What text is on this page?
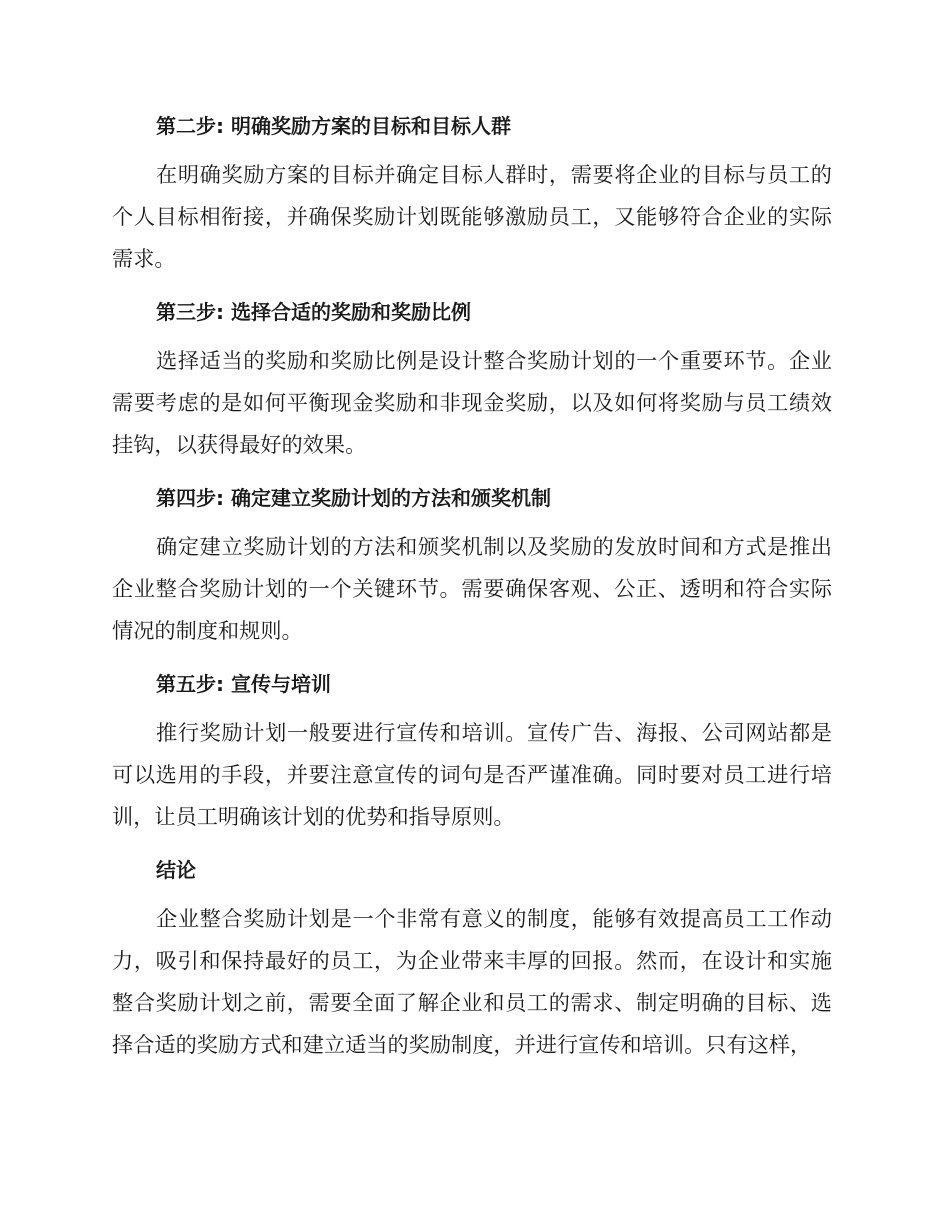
第二步: 明确奖励方案的目标和目标人群

在明确奖励方案的目标并确定目标人群时，需要将企业的目标与员工的个人目标相衔接，并确保奖励计划既能够激励员工，又能够符合企业的实际需求。

第三步: 选择合适的奖励和奖励比例

选择适当的奖励和奖励比例是设计整合奖励计划的一个重要环节。企业需要考虑的是如何平衡现金奖励和非现金奖励，以及如何将奖励与员工绩效挂钩，以获得最好的效果。

第四步: 确定建立奖励计划的方法和颁奖机制

确定建立奖励计划的方法和颁奖机制以及奖励的发放时间和方式是推出企业整合奖励计划的一个关键环节。需要确保客观、公正、透明和符合实际情况的制度和规则。

第五步: 宣传与培训

推行奖励计划一般要进行宣传和培训。宣传广告、海报、公司网站都是可以选用的手段，并要注意宣传的词句是否严谨准确。同时要对员工进行培训，让员工明确该计划的优势和指导原则。

结论

企业整合奖励计划是一个非常有意义的制度，能够有效提高员工工作动力，吸引和保持最好的员工，为企业带来丰厚的回报。然而，在设计和实施整合奖励计划之前，需要全面了解企业和员工的需求、制定明确的目标、选择合适的奖励方式和建立适当的奖励制度，并进行宣传和培训。只有这样，
